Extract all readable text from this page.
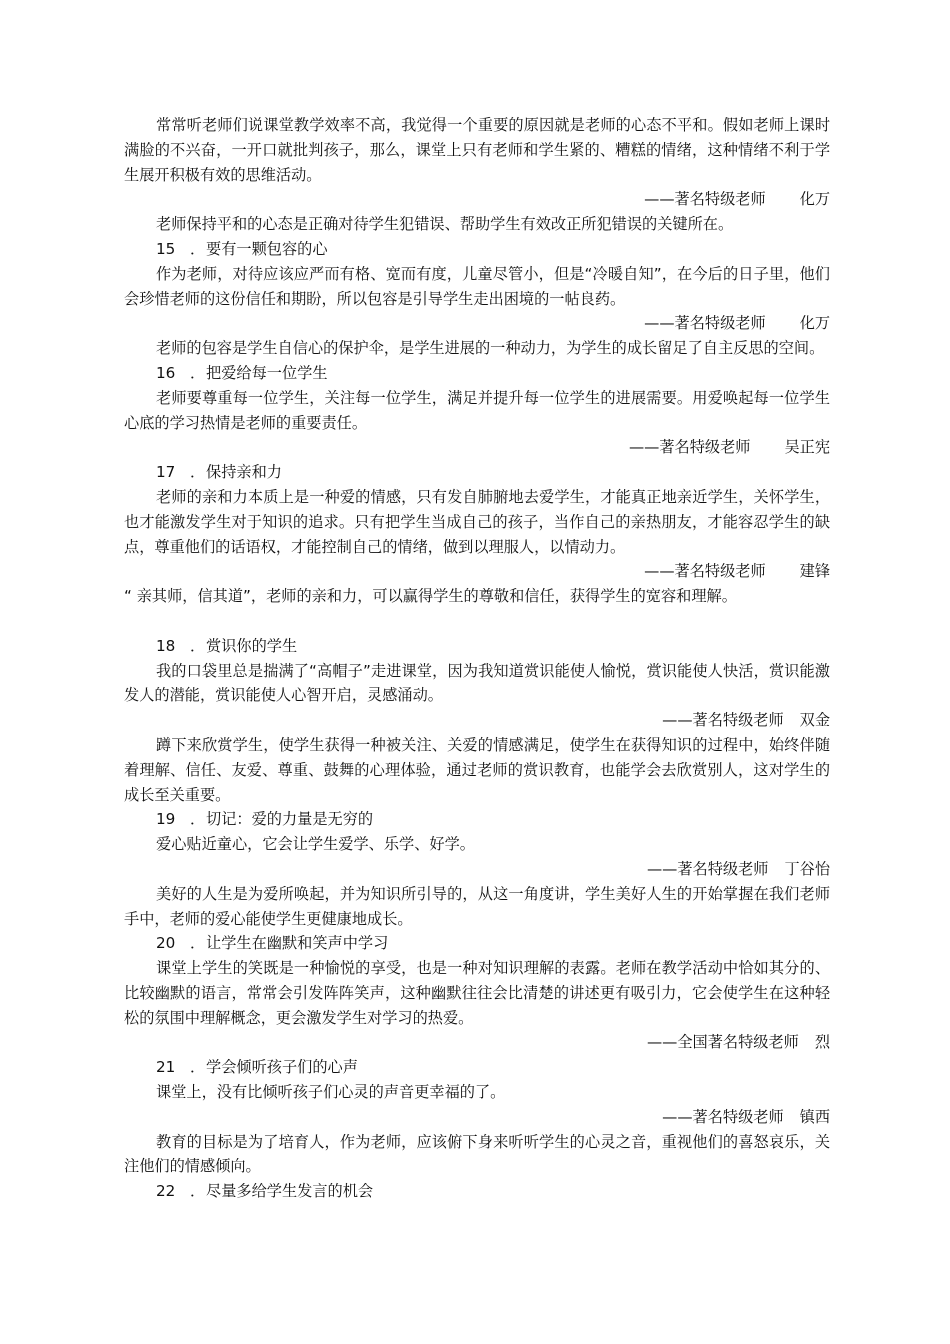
常常听老师们说课堂教学效率不高，我觉得一个重要的原因就是老师的心态不平和。假如老师上课时满脸的不兴奋，一开口就批判孩子，那么，课堂上只有老师和学生紧的、糟糕的情绪，这种情绪不利于学生展开积极有效的思维活动。

——著名特级老师 化万

老师保持平和的心态是正确对待学生犯错误、帮助学生有效改正所犯错误的关键所在。

15 ．要有一颗包容的心

作为老师，对待应该应严而有格、宽而有度，儿童尽管小，但是“冷暖自知”，在今后的日子里，他们会珍惜老师的这份信任和期盼，所以包容是引导学生走出困境的一帖良药。

——著名特级老师 化万

老师的包容是学生自信心的保护伞，是学生进展的一种动力，为学生的成长留足了自主反思的空间。

16 ．把爱给每一位学生

老师要尊重每一位学生，关注每一位学生，满足并提升每一位学生的进展需要。用爱唤起每一位学生心底的学习热情是老师的重要责任。

——著名特级老师 吴正宪

17 ．保持亲和力

老师的亲和力本质上是一种爱的情感，只有发自肺腑地去爱学生，才能真正地亲近学生，关怀学生，也才能激发学生对于知识的追求。只有把学生当成自己的孩子，当作自己的亲热朋友，才能容忍学生的缺点，尊重他们的话语权，才能控制自己的情绪，做到以理服人，以情动力。

——著名特级老师 建锋

“ 亲其师，信其道”，老师的亲和力，可以赢得学生的尊敬和信任，获得学生的宽容和理解。

18 ．赏识你的学生

我的口袋里总是揣满了“高帽子”走进课堂，因为我知道赏识能使人愉悦，赏识能使人快活，赏识能激发人的潜能，赏识能使人心智开启，灵感涌动。

——著名特级老师 双金

蹲下来欣赏学生，使学生获得一种被关注、关爱的情感满足，使学生在获得知识的过程中，始终伴随着理解、信任、友爱、尊重、鼓舞的心理体验，通过老师的赏识教育，也能学会去欣赏别人，这对学生的成长至关重要。

19 ．切记：爱的力量是无穷的

爱心贴近童心，它会让学生爱学、乐学、好学。

——著名特级老师 丁谷怡

美好的人生是为爱所唤起，并为知识所引导的，从这一角度讲，学生美好人生的开始掌握在我们老师手中，老师的爱心能使学生更健康地成长。

20 ．让学生在幽默和笑声中学习

课堂上学生的笑既是一种愉悦的享受，也是一种对知识理解的表露。老师在教学活动中恰如其分的、比较幽默的语言，常常会引发阵阵笑声，这种幽默往往会比清楚的讲述更有吸引力，它会使学生在这种轻松的氛围中理解概念，更会激发学生对学习的热爱。

——全国著名特级老师 烈

21 ．学会倾听孩子们的心声

课堂上，没有比倾听孩子们心灵的声音更幸福的了。

——著名特级老师 镇西

教育的目标是为了培育人，作为老师，应该俯下身来听听学生的心灵之音，重视他们的喜怒哀乐，关注他们的情感倾向。

22 ．尽量多给学生发言的机会
